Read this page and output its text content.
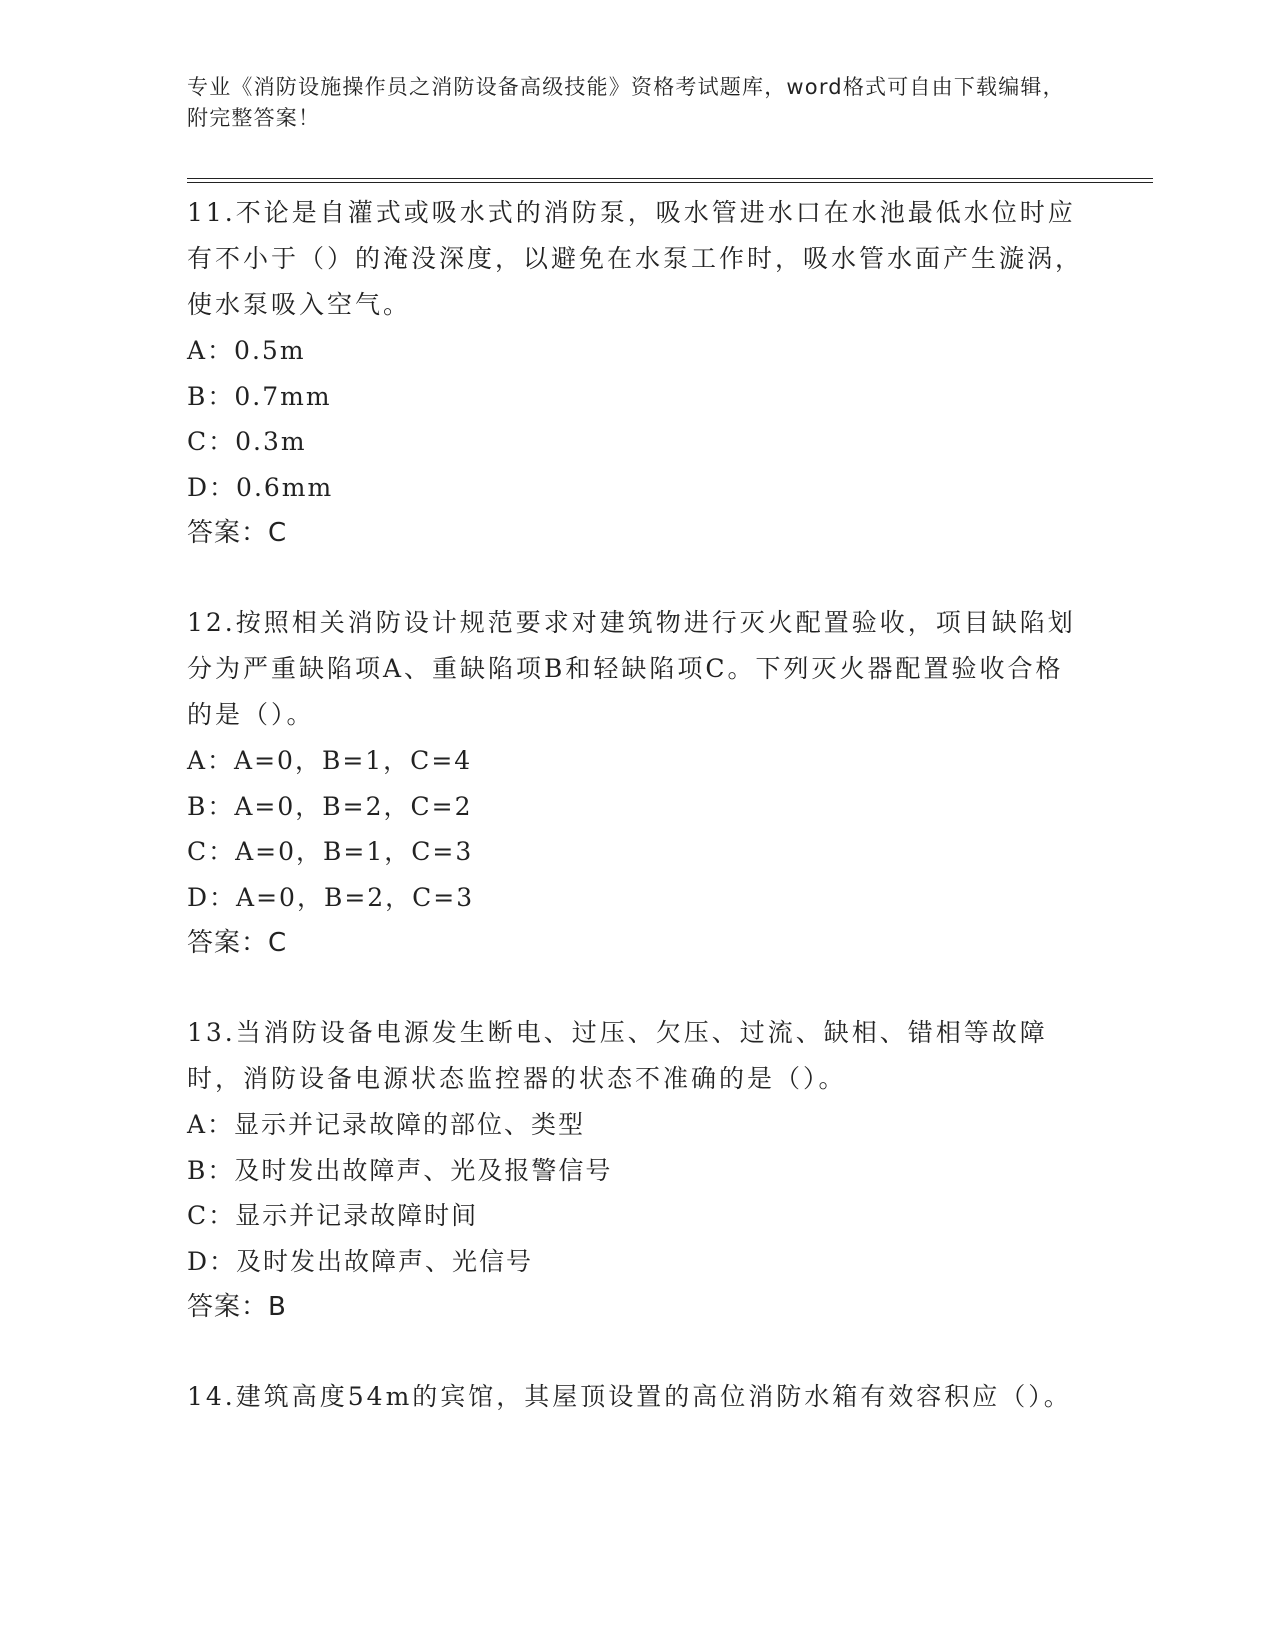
专业《消防设施操作员之消防设备高级技能》资格考试题库，word格式可自由下载编辑，附完整答案！

11.不论是自灌式或吸水式的消防泵，吸水管进水口在水池最低水位时应有不小于（）的淹没深度，以避免在水泵工作时，吸水管水面产生漩涡，使水泵吸入空气。

A：0.5m

B：0.7mm

C：0.3m

D：0.6mm

答案：C

12.按照相关消防设计规范要求对建筑物进行灭火配置验收，项目缺陷划分为严重缺陷项A、重缺陷项B和轻缺陷项C。下列灭火器配置验收合格的是（）。

A：A=0，B=1，C=4

B：A=0，B=2，C=2

C：A=0，B=1，C=3

D：A=0，B=2，C=3

答案：C

13.当消防设备电源发生断电、过压、欠压、过流、缺相、错相等故障时，消防设备电源状态监控器的状态不准确的是（）。

A：显示并记录故障的部位、类型

B：及时发出故障声、光及报警信号

C：显示并记录故障时间

D：及时发出故障声、光信号

答案：B

14.建筑高度54m的宾馆，其屋顶设置的高位消防水箱有效容积应（）。
